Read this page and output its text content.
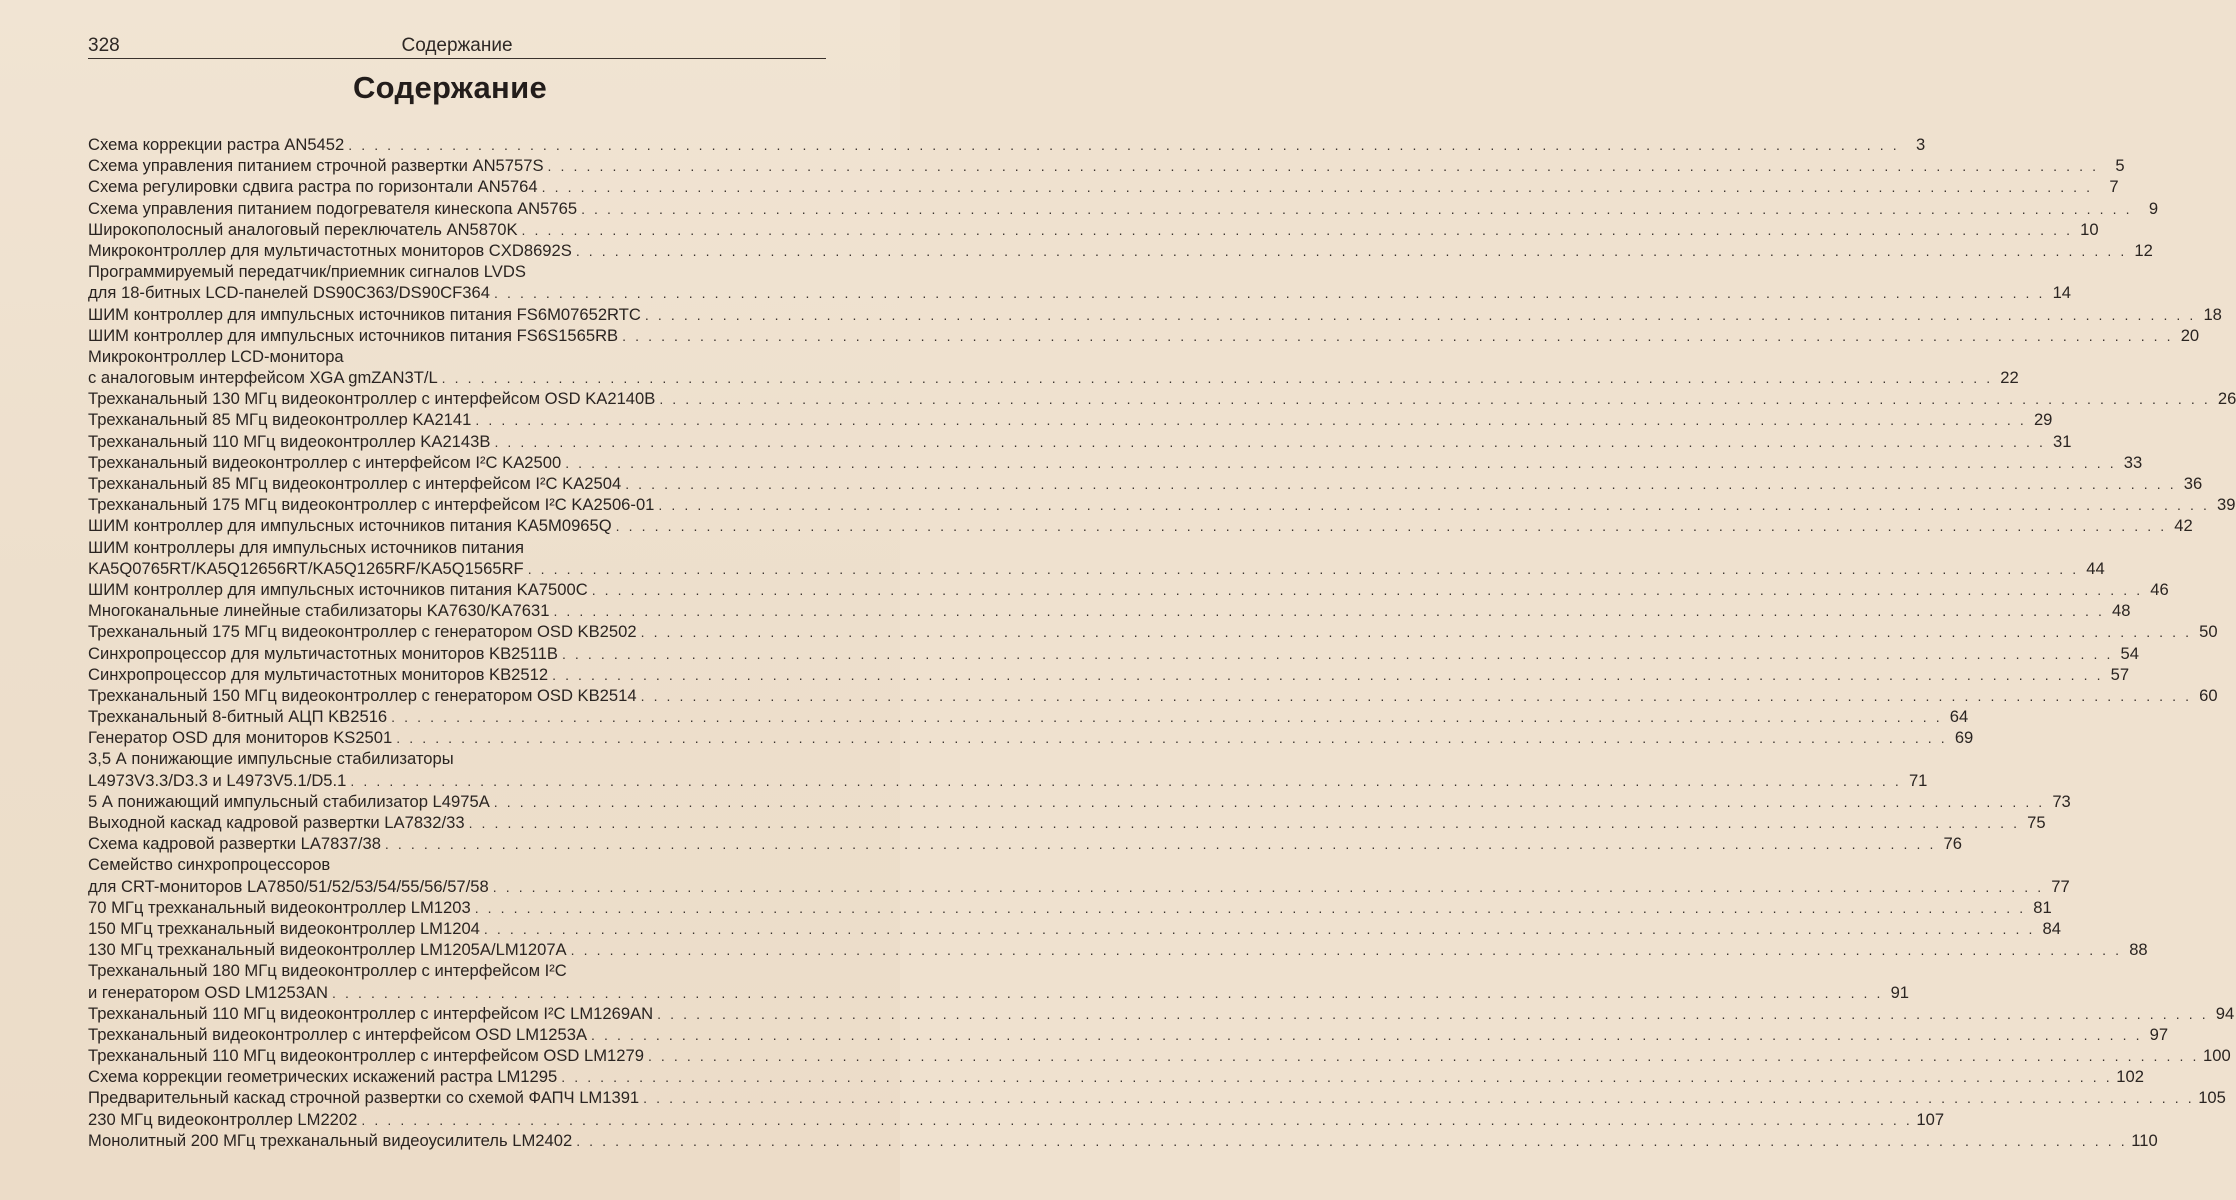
328	Содержание
Содержание
Схема коррекции растра AN5452 . . . . . . . . . . . . . . . . . . . . . . . . . . . . . . . . . . . . . . . . . . . . . . . . . . . . . . . . . . . . . . . . . . . . . . . . . . . . . . . . . . . . . . . . . . . . . . . . . . . . . . . . . . . . . . . . . . . . . . . .	3
Схема управления питанием строчной развертки AN5757S . . . . . . . . . . . . . . . . . . . . . . . . . . . . . . . . . . . . . . . . . . . . . . . . . . . . . . . . . . . . . . . . . . . . . . . . . . . . . . . . . . . . . . . . . . . . . . . . . . . . . . . . . . . . . . . . . . . . . . . .	5
Схема регулировки сдвига растра по горизонтали AN5764 . . . . . . . . . . . . . . . . . . . . . . . . . . . . . . . . . . . . . . . . . . . . . . . . . . . . . . . . . . . . . . . . . . . . . . . . . . . . . . . . . . . . . . . . . . . . . . . . . . . . . . . . . . . . . . . . . . . . . . . .	7
Схема управления питанием подогревателя кинескопа AN5765 . . . . . . . . . . . . . . . . . . . . . . . . . . . . . . . . . . . . . . . . . . . . . . . . . . . . . . . . . . . . . . . . . . . . . . . . . . . . . . . . . . . . . . . . . . . . . . . . . . . . . . . . . . . . . . . . . . . . . . . .	9
Широкополосный аналоговый переключатель AN5870K . . . . . . . . . . . . . . . . . . . . . . . . . . . . . . . . . . . . . . . . . . . . . . . . . . . . . . . . . . . . . . . . . . . . . . . . . . . . . . . . . . . . . . . . . . . . . . . . . . . . . . . . . . . . . . . . . . . . . . . . 10
Микроконтроллер для мультичастотных мониторов CXD8692S . . . . . . . . . . . . . . . . . . . . . . . . . . . . . . . . . . . . . . . . . . . . . . . . . . . . . . . . . . . . . . . . . . . . . . . . . . . . . . . . . . . . . . . . . . . . . . . . . . . . . . . . . . . . . . . . . . . . . . . . 12
Программируемый передатчик/приемник сигналов LVDS
для 18-битных LCD-панелей DS90C363/DS90CF364 . . . . . . . . . . . . . . . . . . . . . . . . . . . . . . . . . . . . . . . . . . . . . . . . . . . . . . . . . . . . . . . . . . . . . . . . . . . . . . . . . . . . . . . . . . . . . . . . . . . . . . . . . . . . . . . . . . . . . . . . 14
ШИМ контроллер для импульсных источников питания FS6M07652RTC . . . . . . . . . . . . . . . . . . . . . . . . . . . . . . . . . . . . . . . . . . . . . . . . . . . . . . . . . . . . . . . . . . . . . . . . . . . . . . . . . . . . . . . . . . . . . . . . . . . . . . . . . . . . . . . . . . . . . . . . 18
ШИМ контроллер для импульсных источников питания FS6S1565RB . . . . . . . . . . . . . . . . . . . . . . . . . . . . . . . . . . . . . . . . . . . . . . . . . . . . . . . . . . . . . . . . . . . . . . . . . . . . . . . . . . . . . . . . . . . . . . . . . . . . . . . . . . . . . . . . . . . . . . . . 20
Микроконтроллер LCD-монитора
с аналоговым интерфейсом XGA gmZAN3T/L . . . . . . . . . . . . . . . . . . . . . . . . . . . . . . . . . . . . . . . . . . . . . . . . . . . . . . . . . . . . . . . . . . . . . . . . . . . . . . . . . . . . . . . . . . . . . . . . . . . . . . . . . . . . . . . . . . . . . . . . 22
Трехканальный 130 МГц видеоконтроллер с интерфейсом OSD KA2140B . . . . . . . . . . . . . . . . . . . . . . . . . . . . . . . . . . . . . . . . . . . . . . . . . . . . . . . . . . . . . . . . . . . . . . . . . . . . . . . . . . . . . . . . . . . . . . . . . . . . . . . . . . . . . . . . . . . . . . . . 26
Трехканальный 85 МГц видеоконтроллер KA2141 . . . . . . . . . . . . . . . . . . . . . . . . . . . . . . . . . . . . . . . . . . . . . . . . . . . . . . . . . . . . . . . . . . . . . . . . . . . . . . . . . . . . . . . . . . . . . . . . . . . . . . . . . . . . . . . . . . . . . . . . 29
Трехканальный 110 МГц видеоконтроллер KA2143B . . . . . . . . . . . . . . . . . . . . . . . . . . . . . . . . . . . . . . . . . . . . . . . . . . . . . . . . . . . . . . . . . . . . . . . . . . . . . . . . . . . . . . . . . . . . . . . . . . . . . . . . . . . . . . . . . . . . . . . . 31
Трехканальный видеоконтроллер с интерфейсом I²C KA2500 . . . . . . . . . . . . . . . . . . . . . . . . . . . . . . . . . . . . . . . . . . . . . . . . . . . . . . . . . . . . . . . . . . . . . . . . . . . . . . . . . . . . . . . . . . . . . . . . . . . . . . . . . . . . . . . . . . . . . . . . 33
Трехканальный 85 МГц видеоконтроллер с интерфейсом I²C KA2504 . . . . . . . . . . . . . . . . . . . . . . . . . . . . . . . . . . . . . . . . . . . . . . . . . . . . . . . . . . . . . . . . . . . . . . . . . . . . . . . . . . . . . . . . . . . . . . . . . . . . . . . . . . . . . . . . . . . . . . . . 36
Трехканальный 175 МГц видеоконтроллер с интерфейсом I²C KA2506-01 . . . . . . . . . . . . . . . . . . . . . . . . . . . . . . . . . . . . . . . . . . . . . . . . . . . . . . . . . . . . . . . . . . . . . . . . . . . . . . . . . . . . . . . . . . . . . . . . . . . . . . . . . . . . . . . . . . . . . . . . 39
ШИМ контроллер для импульсных источников питания KA5M0965Q . . . . . . . . . . . . . . . . . . . . . . . . . . . . . . . . . . . . . . . . . . . . . . . . . . . . . . . . . . . . . . . . . . . . . . . . . . . . . . . . . . . . . . . . . . . . . . . . . . . . . . . . . . . . . . . . . . . . . . . . 42
ШИМ контроллеры для импульсных источников питания
KA5Q0765RT/KA5Q12656RT/KA5Q1265RF/KA5Q1565RF . . . . . . . . . . . . . . . . . . . . . . . . . . . . . . . . . . . . . . . . . . . . . . . . . . . . . . . . . . . . . . . . . . . . . . . . . . . . . . . . . . . . . . . . . . . . . . . . . . . . . . . . . . . . . . . . . . . . . . . . 44
ШИМ контроллер для импульсных источников питания KA7500C . . . . . . . . . . . . . . . . . . . . . . . . . . . . . . . . . . . . . . . . . . . . . . . . . . . . . . . . . . . . . . . . . . . . . . . . . . . . . . . . . . . . . . . . . . . . . . . . . . . . . . . . . . . . . . . . . . . . . . . . 46
Многоканальные линейные стабилизаторы KA7630/KA7631 . . . . . . . . . . . . . . . . . . . . . . . . . . . . . . . . . . . . . . . . . . . . . . . . . . . . . . . . . . . . . . . . . . . . . . . . . . . . . . . . . . . . . . . . . . . . . . . . . . . . . . . . . . . . . . . . . . . . . . . . 48
Трехканальный 175 МГц видеоконтроллер с генератором OSD KB2502 . . . . . . . . . . . . . . . . . . . . . . . . . . . . . . . . . . . . . . . . . . . . . . . . . . . . . . . . . . . . . . . . . . . . . . . . . . . . . . . . . . . . . . . . . . . . . . . . . . . . . . . . . . . . . . . . . . . . . . . . 50
Синхропроцессор для мультичастотных мониторов KB2511B . . . . . . . . . . . . . . . . . . . . . . . . . . . . . . . . . . . . . . . . . . . . . . . . . . . . . . . . . . . . . . . . . . . . . . . . . . . . . . . . . . . . . . . . . . . . . . . . . . . . . . . . . . . . . . . . . . . . . . . . 54
Синхропроцессор для мультичастотных мониторов KB2512 . . . . . . . . . . . . . . . . . . . . . . . . . . . . . . . . . . . . . . . . . . . . . . . . . . . . . . . . . . . . . . . . . . . . . . . . . . . . . . . . . . . . . . . . . . . . . . . . . . . . . . . . . . . . . . . . . . . . . . . . 57
Трехканальный 150 МГц видеоконтроллер с генератором OSD KB2514 . . . . . . . . . . . . . . . . . . . . . . . . . . . . . . . . . . . . . . . . . . . . . . . . . . . . . . . . . . . . . . . . . . . . . . . . . . . . . . . . . . . . . . . . . . . . . . . . . . . . . . . . . . . . . . . . . . . . . . . . 60
Трехканальный 8-битный АЦП KB2516 . . . . . . . . . . . . . . . . . . . . . . . . . . . . . . . . . . . . . . . . . . . . . . . . . . . . . . . . . . . . . . . . . . . . . . . . . . . . . . . . . . . . . . . . . . . . . . . . . . . . . . . . . . . . . . . . . . . . . . . . 64
Генератор OSD для мониторов KS2501 . . . . . . . . . . . . . . . . . . . . . . . . . . . . . . . . . . . . . . . . . . . . . . . . . . . . . . . . . . . . . . . . . . . . . . . . . . . . . . . . . . . . . . . . . . . . . . . . . . . . . . . . . . . . . . . . . . . . . . . . 69
3,5 А понижающие импульсные стабилизаторы
L4973V3.3/D3.3 и L4973V5.1/D5.1 . . . . . . . . . . . . . . . . . . . . . . . . . . . . . . . . . . . . . . . . . . . . . . . . . . . . . . . . . . . . . . . . . . . . . . . . . . . . . . . . . . . . . . . . . . . . . . . . . . . . . . . . . . . . . . . . . . . . . . . . 71
5 А понижающий импульсный стабилизатор L4975A . . . . . . . . . . . . . . . . . . . . . . . . . . . . . . . . . . . . . . . . . . . . . . . . . . . . . . . . . . . . . . . . . . . . . . . . . . . . . . . . . . . . . . . . . . . . . . . . . . . . . . . . . . . . . . . . . . . . . . . . 73
Выходной каскад кадровой развертки LA7832/33 . . . . . . . . . . . . . . . . . . . . . . . . . . . . . . . . . . . . . . . . . . . . . . . . . . . . . . . . . . . . . . . . . . . . . . . . . . . . . . . . . . . . . . . . . . . . . . . . . . . . . . . . . . . . . . . . . . . . . . . . 75
Схема кадровой развертки LA7837/38 . . . . . . . . . . . . . . . . . . . . . . . . . . . . . . . . . . . . . . . . . . . . . . . . . . . . . . . . . . . . . . . . . . . . . . . . . . . . . . . . . . . . . . . . . . . . . . . . . . . . . . . . . . . . . . . . . . . . . . . . 76
Семейство синхропроцессоров
для CRT-мониторов LA7850/51/52/53/54/55/56/57/58 . . . . . . . . . . . . . . . . . . . . . . . . . . . . . . . . . . . . . . . . . . . . . . . . . . . . . . . . . . . . . . . . . . . . . . . . . . . . . . . . . . . . . . . . . . . . . . . . . . . . . . . . . . . . . . . . . . . . . . . . 77
70 МГц трехканальный видеоконтроллер LM1203 . . . . . . . . . . . . . . . . . . . . . . . . . . . . . . . . . . . . . . . . . . . . . . . . . . . . . . . . . . . . . . . . . . . . . . . . . . . . . . . . . . . . . . . . . . . . . . . . . . . . . . . . . . . . . . . . . . . . . . . . 81
150 МГц трехканальный видеоконтроллер LM1204 . . . . . . . . . . . . . . . . . . . . . . . . . . . . . . . . . . . . . . . . . . . . . . . . . . . . . . . . . . . . . . . . . . . . . . . . . . . . . . . . . . . . . . . . . . . . . . . . . . . . . . . . . . . . . . . . . . . . . . . . 84
130 МГц трехканальный видеоконтроллер LM1205A/LM1207A . . . . . . . . . . . . . . . . . . . . . . . . . . . . . . . . . . . . . . . . . . . . . . . . . . . . . . . . . . . . . . . . . . . . . . . . . . . . . . . . . . . . . . . . . . . . . . . . . . . . . . . . . . . . . . . . . . . . . . . . 88
Трехканальный 180 МГц видеоконтроллер с интерфейсом I²C
и генератором OSD LM1253AN . . . . . . . . . . . . . . . . . . . . . . . . . . . . . . . . . . . . . . . . . . . . . . . . . . . . . . . . . . . . . . . . . . . . . . . . . . . . . . . . . . . . . . . . . . . . . . . . . . . . . . . . . . . . . . . . . . . . . . . . 91
Трехканальный 110 МГц видеоконтроллер с интерфейсом I²C LM1269AN . . . . . . . . . . . . . . . . . . . . . . . . . . . . . . . . . . . . . . . . . . . . . . . . . . . . . . . . . . . . . . . . . . . . . . . . . . . . . . . . . . . . . . . . . . . . . . . . . . . . . . . . . . . . . . . . . . . . . . . . 94
Трехканальный видеоконтроллер с интерфейсом OSD LM1253A . . . . . . . . . . . . . . . . . . . . . . . . . . . . . . . . . . . . . . . . . . . . . . . . . . . . . . . . . . . . . . . . . . . . . . . . . . . . . . . . . . . . . . . . . . . . . . . . . . . . . . . . . . . . . . . . . . . . . . . . 97
Трехканальный 110 МГц видеоконтроллер с интерфейсом OSD LM1279 . . . . . . . . . . . . . . . . . . . . . . . . . . . . . . . . . . . . . . . . . . . . . . . . . . . . . . . . . . . . . . . . . . . . . . . . . . . . . . . . . . . . . . . . . . . . . . . . . . . . . . . . . . . . . . . . . . . . . . . . 100
Схема коррекции геометрических искажений растра LM1295 . . . . . . . . . . . . . . . . . . . . . . . . . . . . . . . . . . . . . . . . . . . . . . . . . . . . . . . . . . . . . . . . . . . . . . . . . . . . . . . . . . . . . . . . . . . . . . . . . . . . . . . . . . . . . . . . . . . . . . . . 102
Предварительный каскад строчной развертки со схемой ФАПЧ LM1391 . . . . . . . . . . . . . . . . . . . . . . . . . . . . . . . . . . . . . . . . . . . . . . . . . . . . . . . . . . . . . . . . . . . . . . . . . . . . . . . . . . . . . . . . . . . . . . . . . . . . . . . . . . . . . . . . . . . . . . . . 105
230 МГц видеоконтроллер LM2202 . . . . . . . . . . . . . . . . . . . . . . . . . . . . . . . . . . . . . . . . . . . . . . . . . . . . . . . . . . . . . . . . . . . . . . . . . . . . . . . . . . . . . . . . . . . . . . . . . . . . . . . . . . . . . . . . . . . . . . . . 107
Монолитный 200 МГц трехканальный видеоусилитель LM2402 . . . . . . . . . . . . . . . . . . . . . . . . . . . . . . . . . . . . . . . . . . . . . . . . . . . . . . . . . . . . . . . . . . . . . . . . . . . . . . . . . . . . . . . . . . . . . . . . . . . . . . . . . . . . . . . . . . . . . . . . 110
